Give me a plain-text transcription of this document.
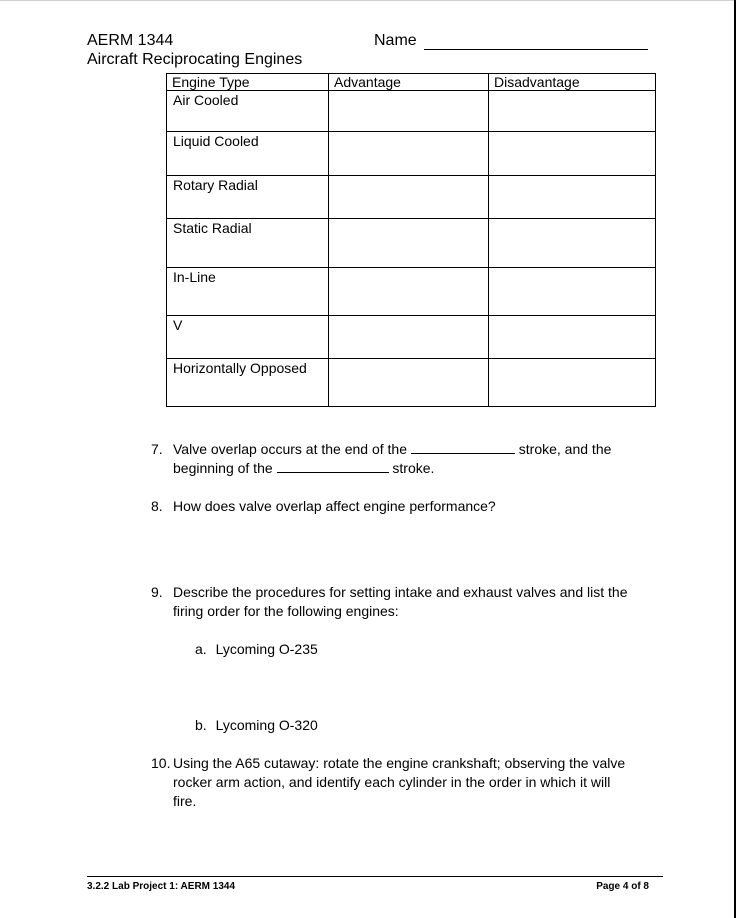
AERM 1344
Aircraft Reciprocating Engines
Name
Engine Type	Advantage	Disadvantage
Air Cooled		
Liquid Cooled		
Rotary Radial		
Static Radial		
In-Line		
V		
Horizontally Opposed		
7. Valve overlap occurs at the end of the	stroke, and the
beginning of the	stroke.
8. How does valve overlap affect engine performance?
9. Describe the procedures for setting intake and exhaust valves and list the
firing order for the following engines:
a. Lycoming O-235
b. Lycoming O-320
10. Using the A65 cutaway: rotate the engine crankshaft; observing the valve
rocker arm action, and identify each cylinder in the order in which it will
fire.
3.2.2 Lab Project 1: AERM 1344	Page 4 of 8
